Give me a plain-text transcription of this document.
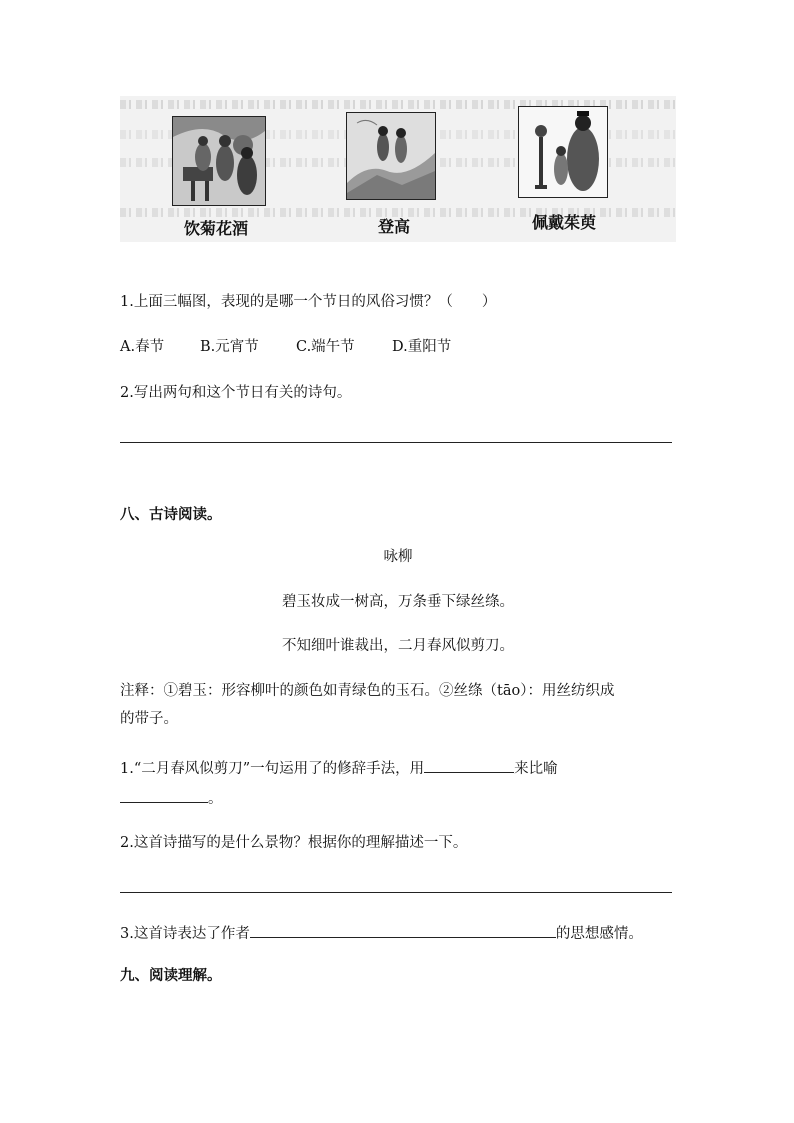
饮菊花酒	登高	佩戴茱萸
1.上面三幅图，表现的是哪一个节日的风俗习惯？（　　）
A.春节 B.元宵节	C.端午节	D.重阳节
2.写出两句和这个节日有关的诗句。
八、古诗阅读。
咏柳
碧玉妆成一树高，万条垂下绿丝绦。
不知细叶谁裁出，二月春风似剪刀。
注释：①碧玉：形容柳叶的颜色如青绿色的玉石。②丝绦（tāo）：用丝纺织成
的带子。
1.“二月春风似剪刀”一句运用了的修辞手法，用	来比喻
。
2.这首诗描写的是什么景物？根据你的理解描述一下。
3.这首诗表达了作者	的思想感情。
九、阅读理解。
